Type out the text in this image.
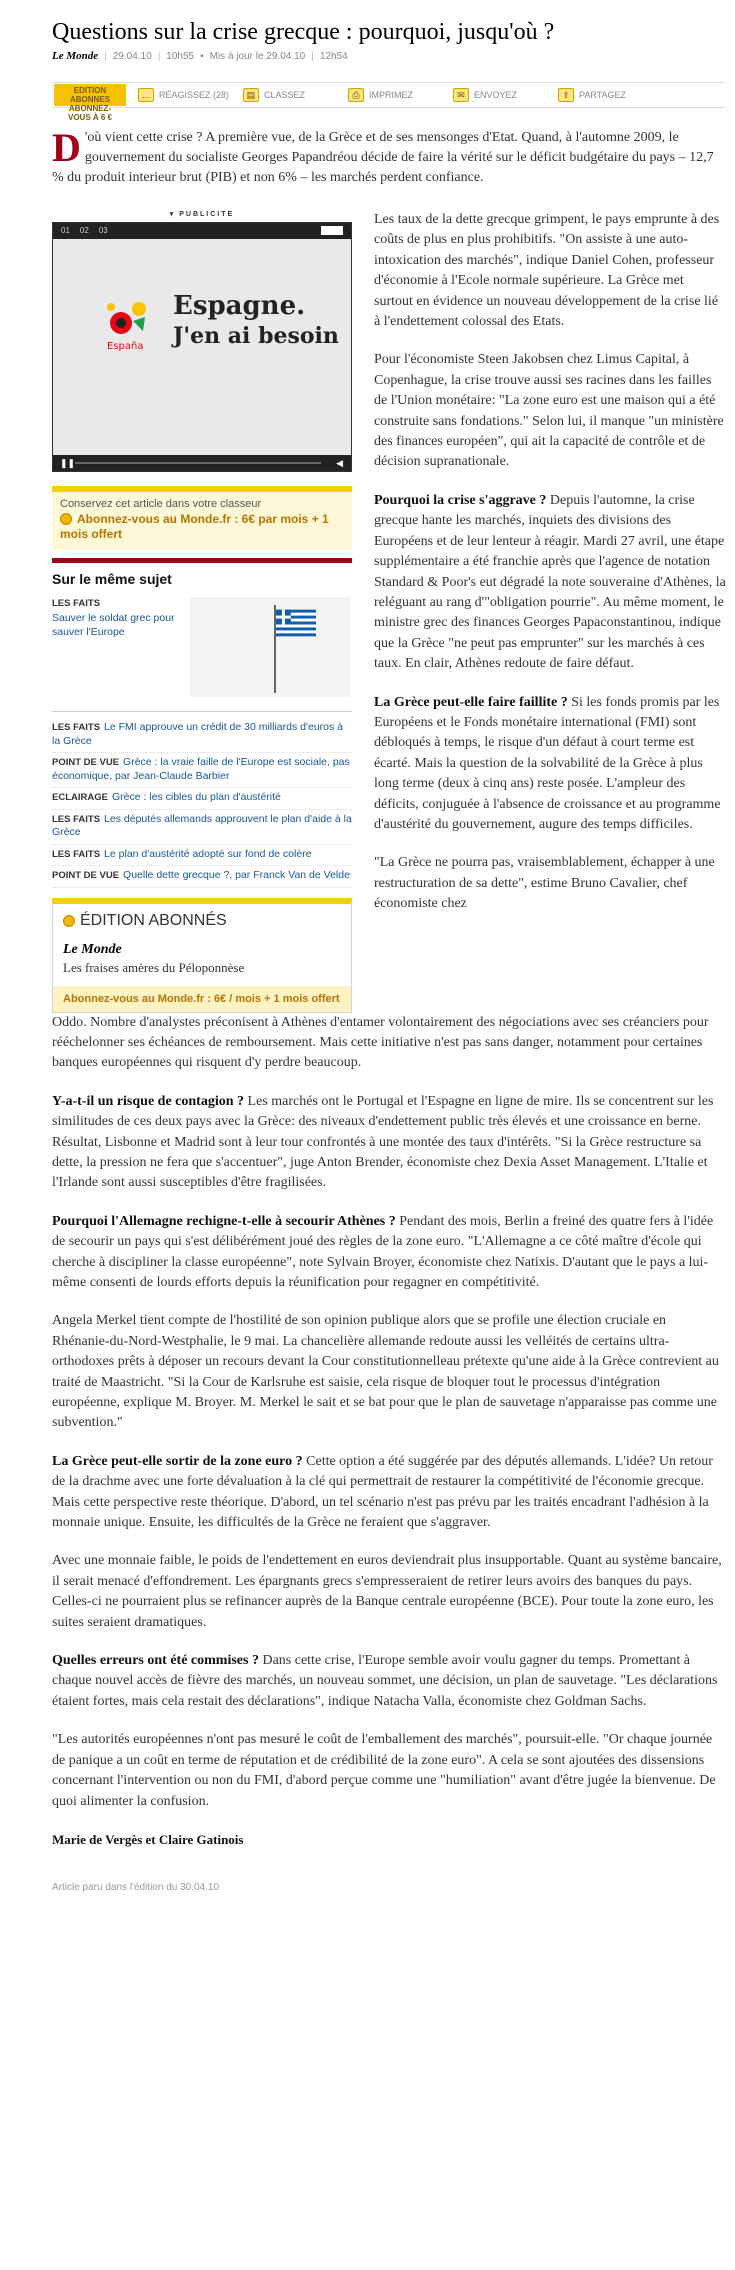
Questions sur la crise grecque : pourquoi, jusqu'où ?
Le Monde | 29.04.10 | 10h55 • Mis à jour le 29.04.10 | 12h54
EDITION ABONNES ABONNEZ-VOUS À 6 €
… RÉAGISSEZ (28)	▤ CLASSEZ	⎙	IMPRIMEZ	✉	ENVOYEZ	⇪	PARTAGEZ

D 'où vient cette crise ? A première vue, de la Grèce et de ses mensonges d'Etat. Quand, à l'automne 2009, le gouvernement du socialiste Georges Papandréou décide de faire la vérité sur le déficit budgétaire du pays – 12,7 % du produit interieur brut (PIB) et non 6% – les marchés perdent confiance.

▾ PUBLICITE
01 02 03
España
Espagne.
J'en ai besoin
❚❚	◀
Conservez cet article dans votre classeur
Abonnez-vous au Monde.fr : 6€ par mois + 1 mois offert
Sur le même sujet
LES FAITS
Sauver le soldat grec pour sauver l'Europe
LES FAITS Le FMI approuve un crédit de 30 milliards d'euros à la Grèce
POINT DE VUE Grèce : la vraie faille de l'Europe est sociale, pas économique, par Jean-Claude Barbier
ECLAIRAGE Grèce : les cibles du plan d'austérité
LES FAITS Les députés allemands approuvent le plan d'aide à la Grèce
LES FAITS Le plan d'austérité adopté sur fond de colère
POINT DE VUE Quelle dette grecque ?, par Franck Van de Velde
ÉDITION ABONNÉS
Le Monde
Les fraises amères du Péloponnèse
Abonnez-vous au Monde.fr : 6€ / mois + 1 mois offert

Les taux de la dette grecque grimpent, le pays emprunte à des coûts de plus en plus prohibitifs. "On assiste à une auto-intoxication des marchés", indique Daniel Cohen, professeur d'économie à l'Ecole normale supérieure. La Grèce met surtout en évidence un nouveau développement de la crise lié à l'endettement colossal des Etats.

Pour l'économiste Steen Jakobsen chez Limus Capital, à Copenhague, la crise trouve aussi ses racines dans les failles de l'Union monétaire: "La zone euro est une maison qui a été construite sans fondations." Selon lui, il manque "un ministère des finances européen", qui ait la capacité de contrôle et de décision supranationale.

Pourquoi la crise s'aggrave ? Depuis l'automne, la crise grecque hante les marchés, inquiets des divisions des Européens et de leur lenteur à réagir. Mardi 27 avril, une étape supplémentaire a été franchie après que l'agence de notation Standard & Poor's eut dégradé la note souveraine d'Athènes, la reléguant au rang d'"obligation pourrie". Au même moment, le ministre grec des finances Georges Papaconstantinou, indique que la Grèce "ne peut pas emprunter" sur les marchés à ces taux. En clair, Athènes redoute de faire défaut.

La Grèce peut-elle faire faillite ? Si les fonds promis par les Européens et le Fonds monétaire international (FMI) sont débloqués à temps, le risque d'un défaut à court terme est écarté. Mais la question de la solvabilité de la Grèce à plus long terme (deux à cinq ans) reste posée. L'ampleur des déficits, conjuguée à l'absence de croissance et au programme d'austérité du gouvernement, augure des temps difficiles.

"La Grèce ne pourra pas, vraisemblablement, échapper à une restructuration de sa dette", estime Bruno Cavalier, chef économiste chez

Oddo. Nombre d'analystes préconisent à Athènes d'entamer volontairement des négociations avec ses créanciers pour rééchelonner ses échéances de remboursement. Mais cette initiative n'est pas sans danger, notamment pour certaines banques européennes qui risquent d'y perdre beaucoup.

Y-a-t-il un risque de contagion ? Les marchés ont le Portugal et l'Espagne en ligne de mire. Ils se concentrent sur les similitudes de ces deux pays avec la Grèce: des niveaux d'endettement public très élevés et une croissance en berne. Résultat, Lisbonne et Madrid sont à leur tour confrontés à une montée des taux d'intérêts. "Si la Grèce restructure sa dette, la pression ne fera que s'accentuer", juge Anton Brender, économiste chez Dexia Asset Management. L'Italie et l'Irlande sont aussi susceptibles d'être fragilisées.

Pourquoi l'Allemagne rechigne-t-elle à secourir Athènes ? Pendant des mois, Berlin a freiné des quatre fers à l'idée de secourir un pays qui s'est délibérément joué des règles de la zone euro. "L'Allemagne a ce côté maître d'école qui cherche à discipliner la classe européenne", note Sylvain Broyer, économiste chez Natixis. D'autant que le pays a lui-même consenti de lourds efforts depuis la réunification pour regagner en compétitivité.

Angela Merkel tient compte de l'hostilité de son opinion publique alors que se profile une élection cruciale en Rhénanie-du-Nord-Westphalie, le 9 mai. La chancelière allemande redoute aussi les velléités de certains ultra-orthodoxes prêts à déposer un recours devant la Cour constitutionnelleau prétexte qu'une aide à la Grèce contrevient au traité de Maastricht. "Si la Cour de Karlsruhe est saisie, cela risque de bloquer tout le processus d'intégration européenne, explique M. Broyer. M. Merkel le sait et se bat pour que le plan de sauvetage n'apparaisse pas comme une subvention."

La Grèce peut-elle sortir de la zone euro ? Cette option a été suggérée par des députés allemands. L'idée? Un retour de la drachme avec une forte dévaluation à la clé qui permettrait de restaurer la compétitivité de l'économie grecque. Mais cette perspective reste théorique. D'abord, un tel scénario n'est pas prévu par les traités encadrant l'adhésion à la monnaie unique. Ensuite, les difficultés de la Grèce ne feraient que s'aggraver.

Avec une monnaie faible, le poids de l'endettement en euros deviendrait plus insupportable. Quant au système bancaire, il serait menacé d'effondrement. Les épargnants grecs s'empresseraient de retirer leurs avoirs des banques du pays. Celles-ci ne pourraient plus se refinancer auprès de la Banque centrale européenne (BCE). Pour toute la zone euro, les suites seraient dramatiques.

Quelles erreurs ont été commises ? Dans cette crise, l'Europe semble avoir voulu gagner du temps. Promettant à chaque nouvel accès de fièvre des marchés, un nouveau sommet, une décision, un plan de sauvetage. "Les déclarations étaient fortes, mais cela restait des déclarations", indique Natacha Valla, économiste chez Goldman Sachs.

"Les autorités européennes n'ont pas mesuré le coût de l'emballement des marchés", poursuit-elle. "Or chaque journée de panique a un coût en terme de réputation et de crédibilité de la zone euro". A cela se sont ajoutées des dissensions concernant l'intervention ou non du FMI, d'abord perçue comme une "humiliation" avant d'être jugée la bienvenue. De quoi alimenter la confusion.

Marie de Vergès et Claire Gatinois
Article paru dans l'édition du 30.04.10
